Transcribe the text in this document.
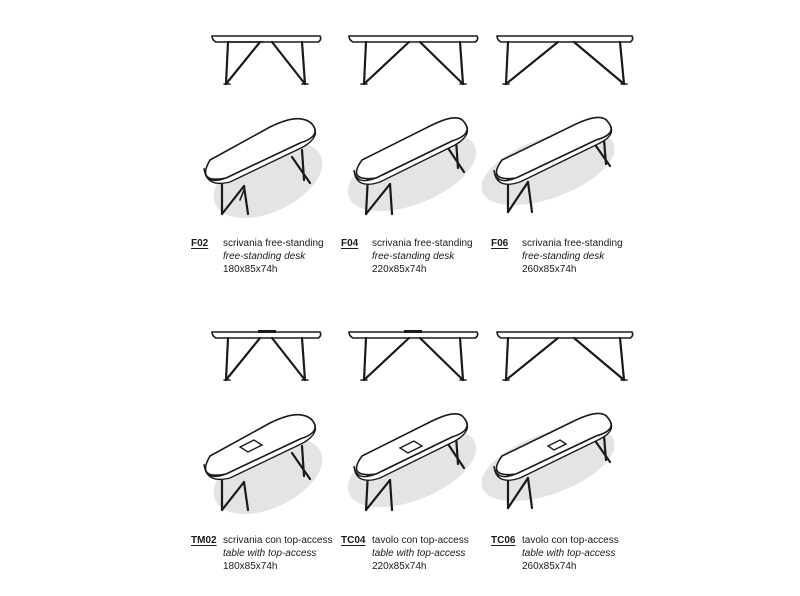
F02 scrivania free-standing
free-standing desk
180x85x74h
F04 scrivania free-standing
free-standing desk
220x85x74h
F06 scrivania free-standing
free-standing desk
260x85x74h
TM02 scrivania con top-access
table with top-access
180x85x74h
TC04 tavolo con top-access
table with top-access
220x85x74h
TC06 tavolo con top-access
table with top-access
260x85x74h
